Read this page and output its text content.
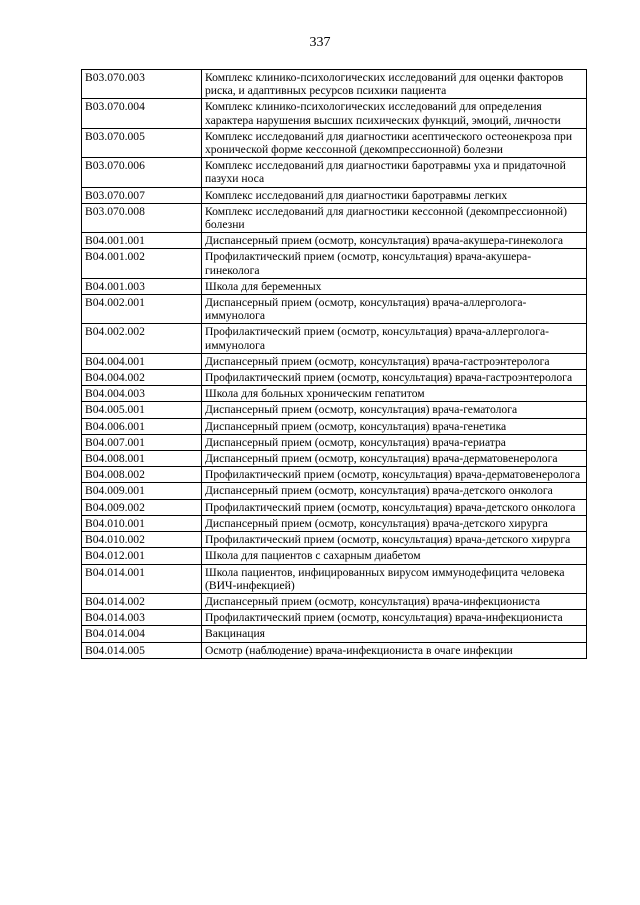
337
В03.070.003	Комплекс клинико-психологических исследований для оценки факторов риска, и адаптивных ресурсов психики пациента
В03.070.004	Комплекс клинико-психологических исследований для определения характера нарушения высших психических функций, эмоций, личности
В03.070.005	Комплекс исследований для диагностики асептического остеонекроза при хронической форме кессонной (декомпрессионной) болезни
В03.070.006	Комплекс исследований для диагностики баротравмы уха и придаточной пазухи носа
В03.070.007	Комплекс исследований для диагностики баротравмы легких
В03.070.008	Комплекс исследований для диагностики кессонной (декомпрессионной) болезни
В04.001.001	Диспансерный прием (осмотр, консультация) врача-акушера-гинеколога
В04.001.002	Профилактический прием (осмотр, консультация) врача-акушера-гинеколога
В04.001.003	Школа для беременных
В04.002.001	Диспансерный прием (осмотр, консультация) врача-аллерголога-иммунолога
В04.002.002	Профилактический прием (осмотр, консультация) врача-аллерголога-иммунолога
В04.004.001	Диспансерный прием (осмотр, консультация) врача-гастроэнтеролога
В04.004.002	Профилактический прием (осмотр, консультация) врача-гастроэнтеролога
В04.004.003	Школа для больных хроническим гепатитом
В04.005.001	Диспансерный прием (осмотр, консультация) врача-гематолога
В04.006.001	Диспансерный прием (осмотр, консультация) врача-генетика
В04.007.001	Диспансерный прием (осмотр, консультация) врача-гериатра
В04.008.001	Диспансерный прием (осмотр, консультация) врача-дерматовенеролога
В04.008.002	Профилактический прием (осмотр, консультация) врача-дерматовенеролога
В04.009.001	Диспансерный прием (осмотр, консультация) врача-детского онколога
В04.009.002	Профилактический прием (осмотр, консультация) врача-детского онколога
В04.010.001	Диспансерный прием (осмотр, консультация) врача-детского хирурга
В04.010.002	Профилактический прием (осмотр, консультация) врача-детского хирурга
В04.012.001	Школа для пациентов с сахарным диабетом
В04.014.001	Школа пациентов, инфицированных вирусом иммунодефицита человека (ВИЧ-инфекцией)
В04.014.002	Диспансерный прием (осмотр, консультация) врача-инфекциониста
В04.014.003	Профилактический прием (осмотр, консультация) врача-инфекциониста
В04.014.004	Вакцинация
В04.014.005	Осмотр (наблюдение) врача-инфекциониста в очаге инфекции
